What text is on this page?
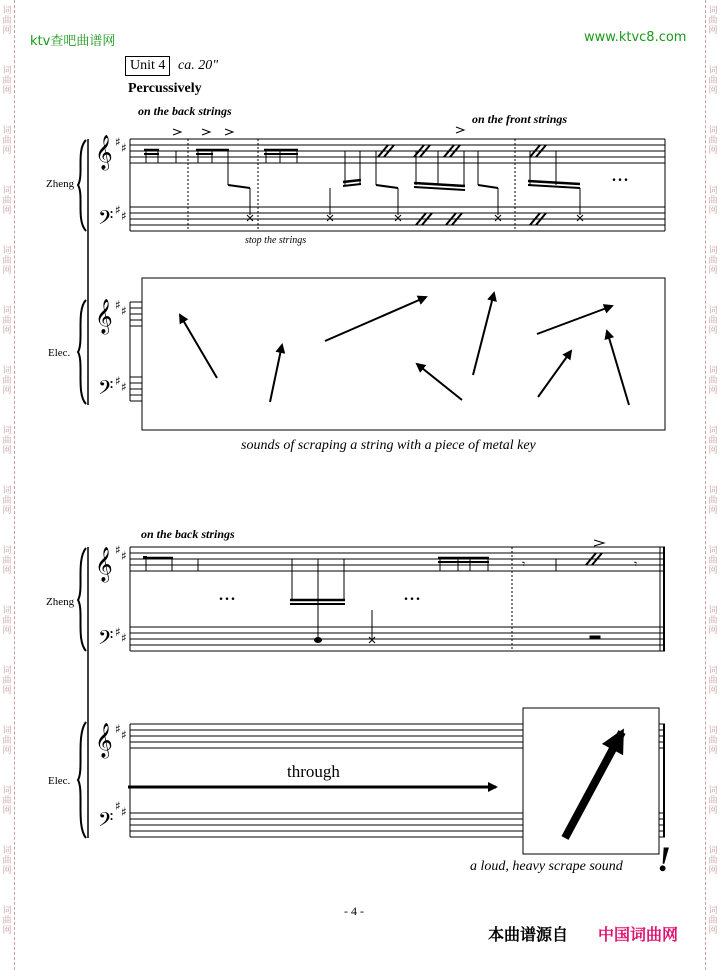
词
曲
网
词
曲
网
词
曲
网
词
曲
网
词
曲
网
词
曲
网
词
曲
网
词
曲
网
词
曲
网
词
曲
网
词
曲
网
词
曲
网
词
曲
网
词
曲
网
词
曲
网
词
曲
网
词
曲
网
词
曲
网
词
曲
网
词
曲
网
词
曲
网
词
曲
网
词
曲
网
词
曲
网
词
曲
网
词
曲
网
词
曲
网
词
曲
网
词
曲
网
词
曲
网
词
曲
网
词
曲
网
ktv查吧曲谱网	www.ktvc8.com
Unit 4 ca. 20"
Percussively
on the back strings
on the front strings
stop the strings
Zheng
Elec.
...
sounds of scraping a string with a piece of metal key
on the back strings
Zheng
Elec.
...	...
through
a loud, heavy scrape sound !
- 4 -
本曲谱源自 中国词曲网
𝄞
𝄢
𝄞
𝄢
𝄞
𝄢
𝄞
𝄢
♯ ♯
♯ ♯
♯ ♯
♯ ♯
♯ ♯
♯ ♯
♯ ♯
♯ ♯
𝄾	𝄾
